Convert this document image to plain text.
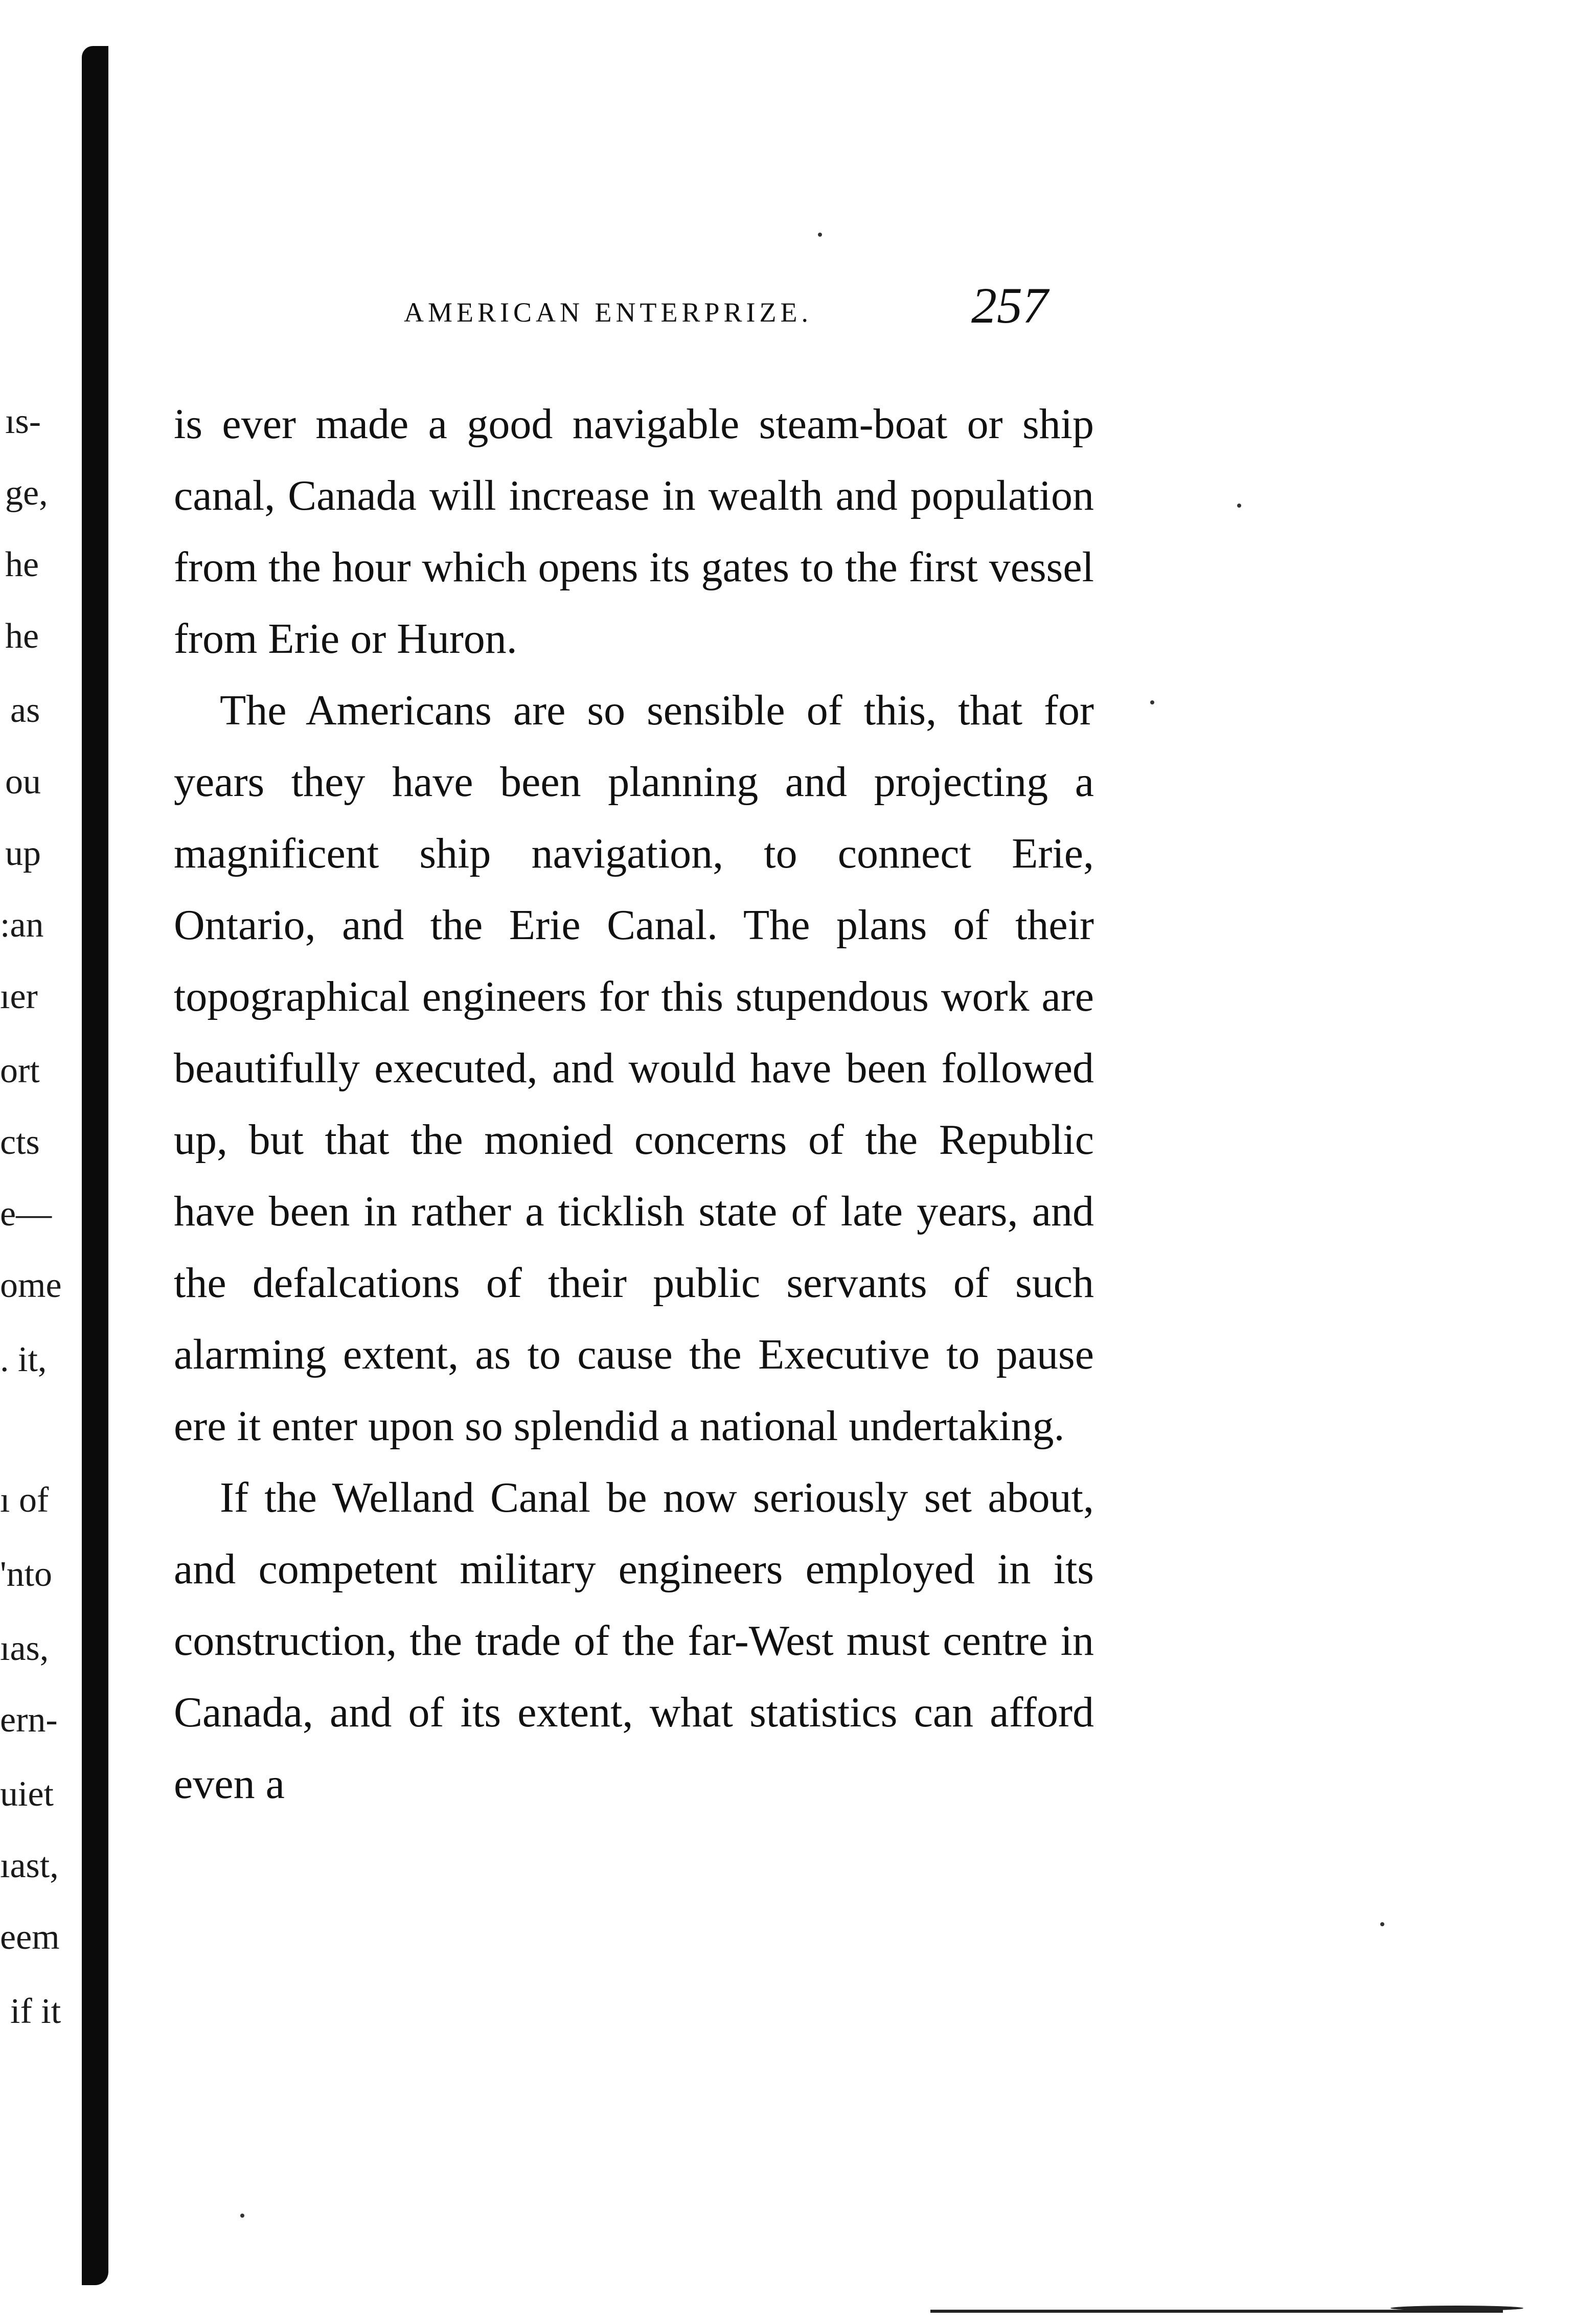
ıs-
ge,
he
he
as
ou
up
:an
ıer
ort
cts
e—
ome
. it,
ı of
'nto
ıas,
ern-
uiet
ıast,
eem
if it
AMERICAN ENTERPRIZE.	257

is ever made a good navigable steam-boat or ship canal, Canada will increase in wealth and population from the hour which opens its gates to the first vessel from Erie or Huron.

The Americans are so sensible of this, that for years they have been planning and projecting a magnificent ship navigation, to connect Erie, Ontario, and the Erie Canal. The plans of their topographical engineers for this stupendous work are beautifully executed, and would have been followed up, but that the monied concerns of the Republic have been in rather a ticklish state of late years, and the defalcations of their public servants of such alarming extent, as to cause the Executive to pause ere it enter upon so splendid a national undertaking.

If the Welland Canal be now seriously set about, and competent military engineers employed in its construction, the trade of the far-West must centre in Canada, and of its extent, what statistics can afford even a
